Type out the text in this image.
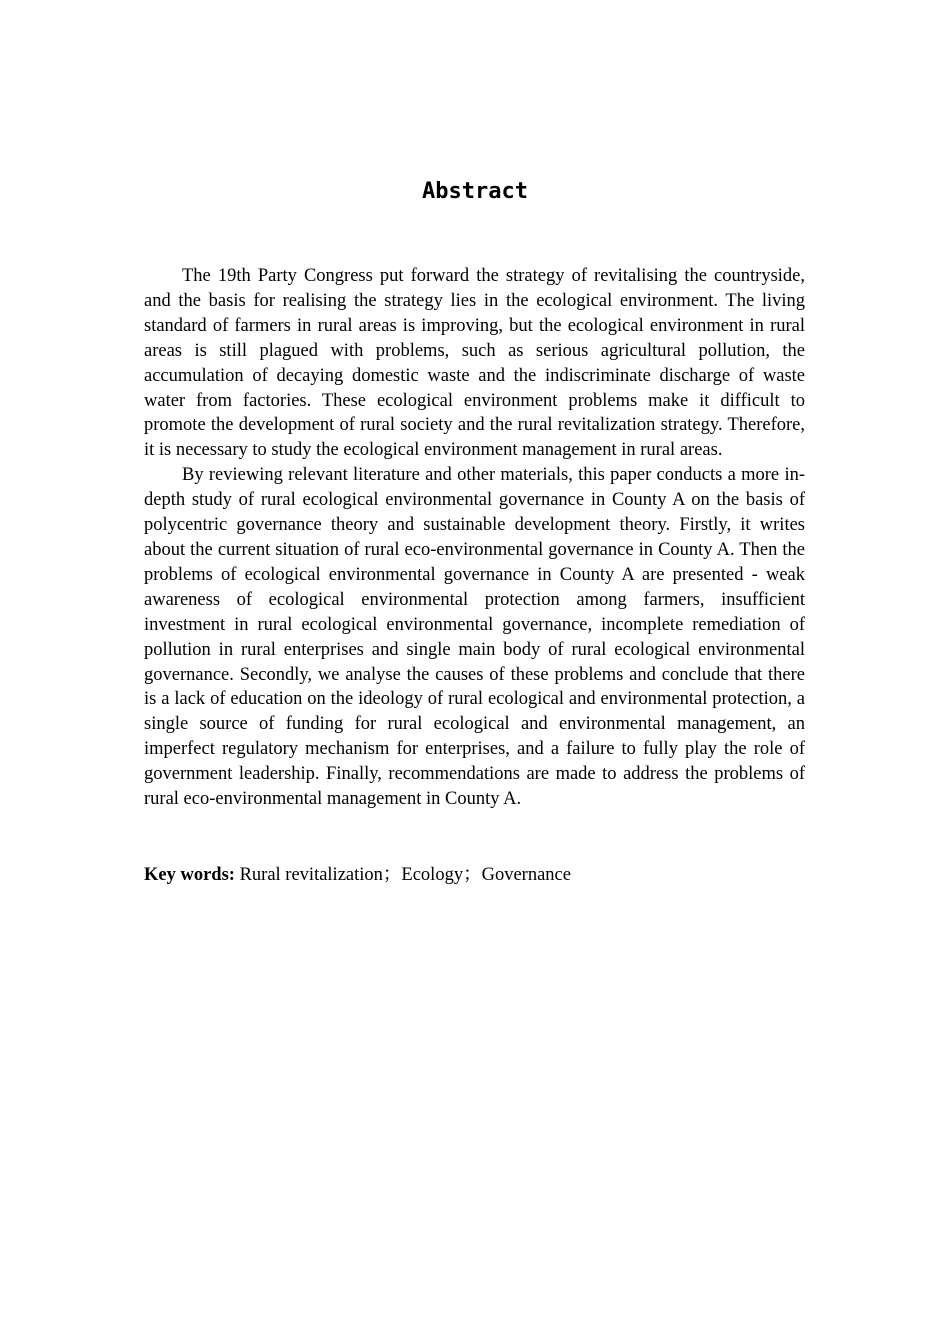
Abstract

The 19th Party Congress put forward the strategy of revitalising the countryside, and the basis for realising the strategy lies in the ecological environment. The living standard of farmers in rural areas is improving, but the ecological environment in rural areas is still plagued with problems, such as serious agricultural pollution, the accumulation of decaying domestic waste and the indiscriminate discharge of waste water from factories. These ecological environment problems make it difficult to promote the development of rural society and the rural revitalization strategy. Therefore, it is necessary to study the ecological environment management in rural areas.

By reviewing relevant literature and other materials, this paper conducts a more in-depth study of rural ecological environmental governance in County A on the basis of polycentric governance theory and sustainable development theory. Firstly, it writes about the current situation of rural eco-environmental governance in County A. Then the problems of ecological environmental governance in County A are presented - weak awareness of ecological environmental protection among farmers, insufficient investment in rural ecological environmental governance, incomplete remediation of pollution in rural enterprises and single main body of rural ecological environmental governance. Secondly, we analyse the causes of these problems and conclude that there is a lack of education on the ideology of rural ecological and environmental protection, a single source of funding for rural ecological and environmental management, an imperfect regulatory mechanism for enterprises, and a failure to fully play the role of government leadership. Finally, recommendations are made to address the problems of rural eco-environmental management in County A.

Key words: Rural revitalization；Ecology；Governance
